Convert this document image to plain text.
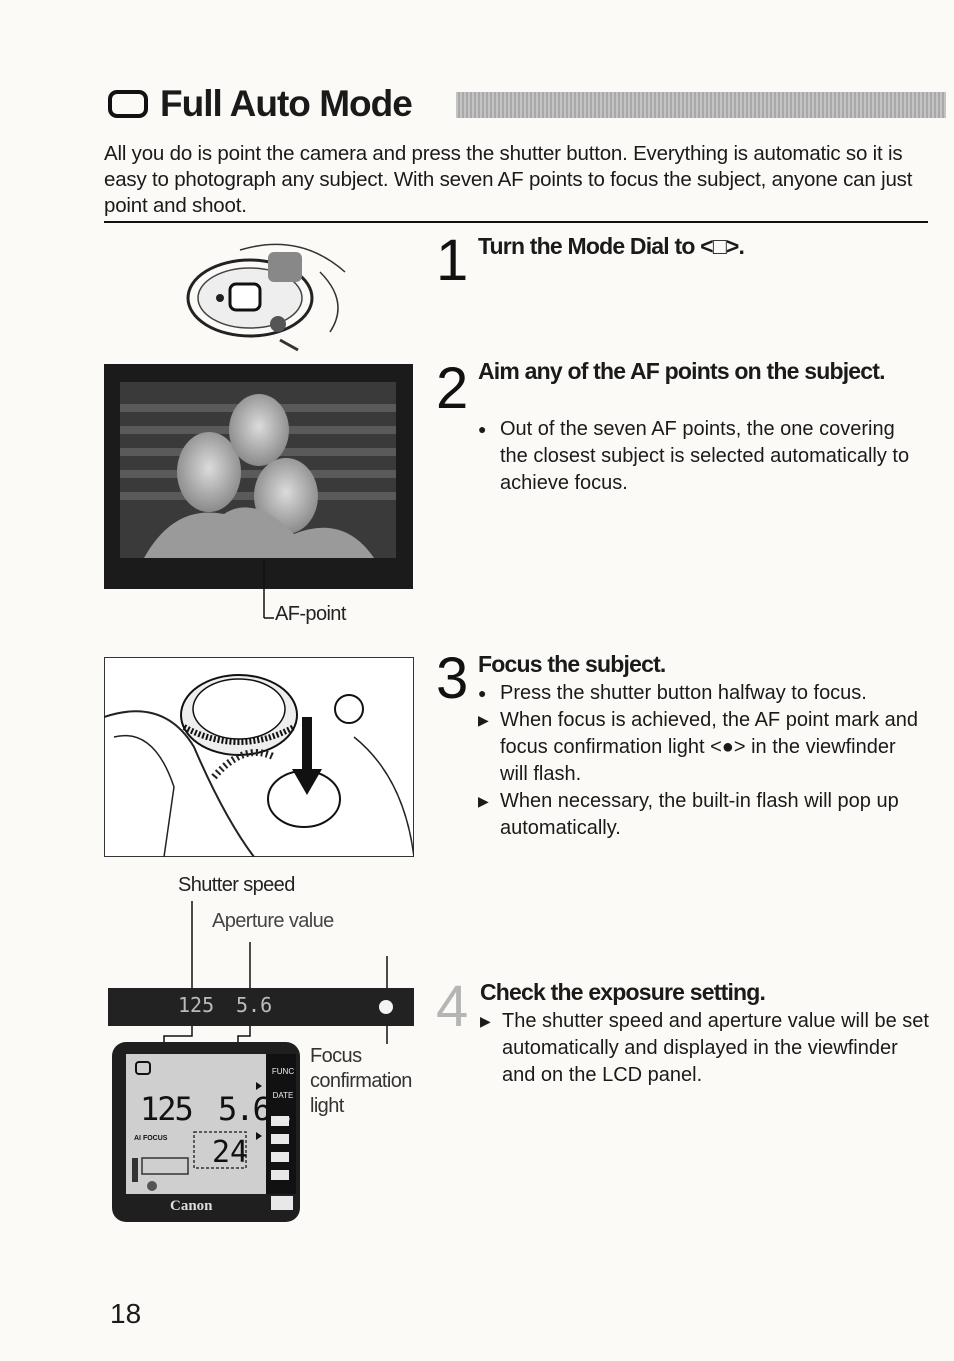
Full Auto Mode
All you do is point the camera and press the shutter button. Everything is automatic so it is easy to photograph any subject. With seven AF points to focus the subject, anyone can just point and shoot.
1 Turn the Mode Dial to <□>.
AF-point
2 Aim any of the AF points on the subject.
● Out of the seven AF points, the one covering the closest subject is selected automatically to achieve focus.
3 Focus the subject.
● Press the shutter button halfway to focus.
▶ When focus is achieved, the AF point mark and focus confirmation light <●> in the viewfinder will flash.
▶ When necessary, the built-in flash will pop up automatically.
Shutter speed
Aperture value
125 5.6
125 5.6
AI FOCUS 24
FUNC
DATE
ISO
Canon
Focus
confirmation
light
4 Check the exposure setting.
▶ The shutter speed and aperture value will be set automatically and displayed in the viewfinder and on the LCD panel.
18
